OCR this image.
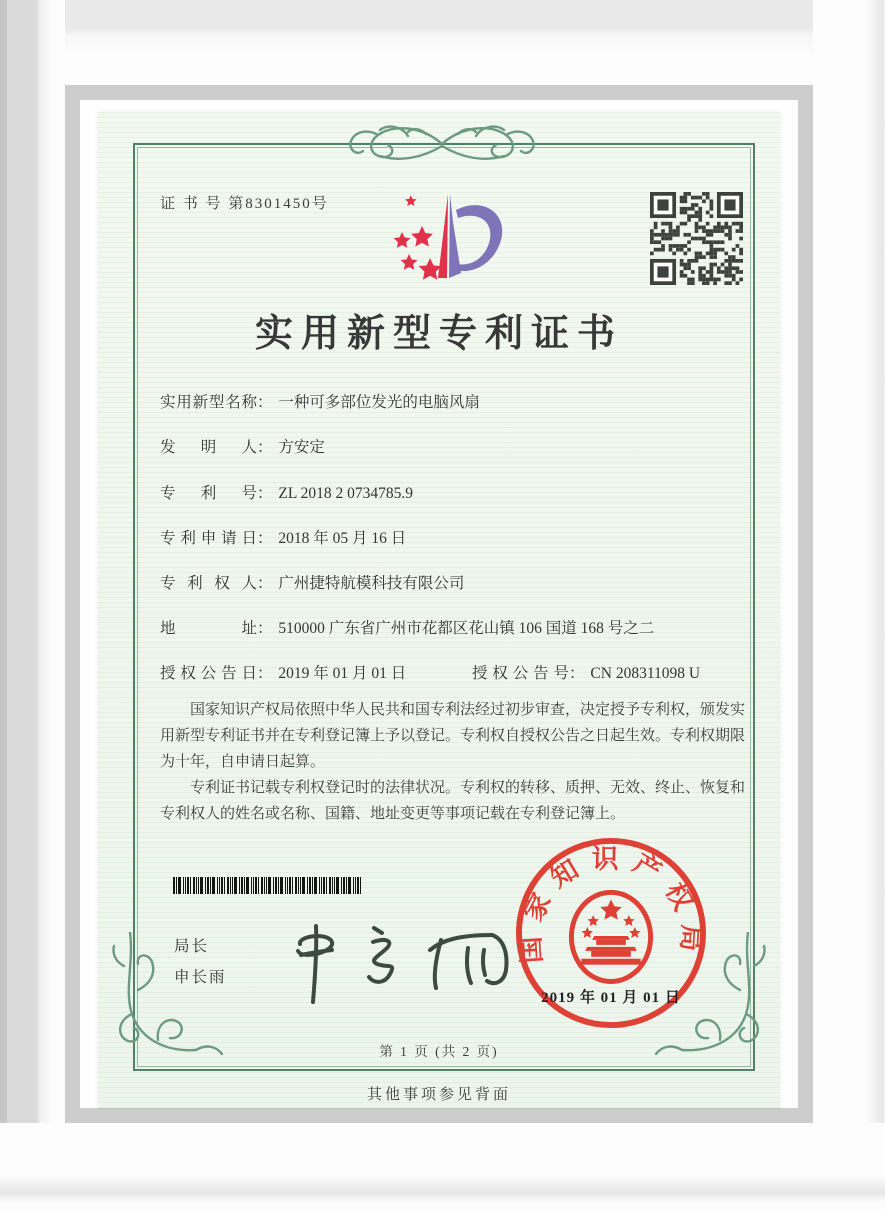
证 书 号 第8301450号
实用新型专利证书
实用新型名称： 一种可多部位发光的电脑风扇
发明人： 方安定
专利号： ZL 2018 2 0734785.9
专利申请日： 2018 年 05 月 16 日
专利权人： 广州捷特航模科技有限公司
地址： 510000 广东省广州市花都区花山镇 106 国道 168 号之二
授权公告日： 2019 年 01 月 01 日	授权公告号： CN 208311098 U

国家知识产权局依照中华人民共和国专利法经过初步审查，决定授予专利权，颁发实用新型专利证书并在专利登记簿上予以登记。专利权自授权公告之日起生效。专利权期限为十年，自申请日起算。

专利证书记载专利权登记时的法律状况。专利权的转移、质押、无效、终止、恢复和专利权人的姓名或名称、国籍、地址变更等事项记载在专利登记簿上。

局长
申长雨
国家知识产权局
2019 年 01 月 01 日
第 1 页 (共 2 页)
其他事项参见背面
